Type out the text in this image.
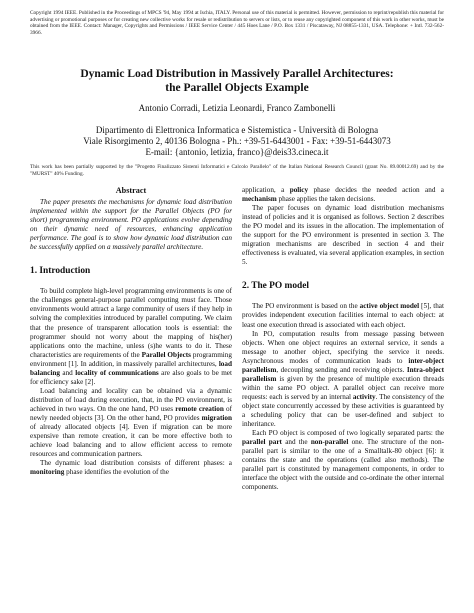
Copyright 1994 IEEE. Published in the Proceedings of MPCS '94, May 1994 at Ischia, ITALY. Personal use of this material is permitted. However, permission to reprint/republish this material for advertising or promotional purposes or for creating new collective works for resale or redistribution to servers or lists, or to reuse any copyrighted component of this work in other works, must be obtained from the IEEE. Contact: Manager, Copyrights and Permissions / IEEE Service Center / 445 Hoes Lane / P.O. Box 1331 / Piscataway, NJ 08855-1331, USA. Telephone: + Intl. 732-562-3966.
Dynamic Load Distribution in Massively Parallel Architectures:
the Parallel Objects Example
Antonio Corradi, Letizia Leonardi, Franco Zambonelli
Dipartimento di Elettronica Informatica e Sistemistica - Università di Bologna
Viale Risorgimento 2, 40136 Bologna - Ph.: +39-51-6443001 - Fax: +39-51-6443073
E-mail: {antonio, letizia, franco}@deis33.cineca.it
This work has been partially supported by the "Progetto Finalizzato Sistemi Informatici e Calcolo Parallelo" of the Italian National Research Council (grant No. 89.00012.69) and by the "MURST" 40% Funding.
Abstract

The paper presents the mechanisms for dynamic load distribution implemented within the support for the Parallel Objects (PO for short) programming environment. PO applications evolve depending on their dynamic need of resources, enhancing application performance. The goal is to show how dynamic load distribution can be successfully applied on a massively parallel architecture.

1. Introduction

To build complete high-level programming environments is one of the challenges general-purpose parallel computing must face. Those environments would attract a large community of users if they help in solving the complexities introduced by parallel computing. We claim that the presence of transparent allocation tools is essential: the programmer should not worry about the mapping of his(her) applications onto the machine, unless (s)he wants to do it. These characteristics are requirements of the Parallel Objects programming environment [1]. In addition, in massively parallel architectures, load balancing and locality of communications are also goals to be met for efficiency sake [2].

Load balancing and locality can be obtained via a dynamic distribution of load during execution, that, in the PO environment, is achieved in two ways. On the one hand, PO uses remote creation of newly needed objects [3]. On the other hand, PO provides migration of already allocated objects [4]. Even if migration can be more expensive than remote creation, it can be more effective both to achieve load balancing and to allow efficient access to remote resources and communication partners.

The dynamic load distribution consists of different phases: a monitoring phase identifies the evolution of the

application, a policy phase decides the needed action and a mechanism phase applies the taken decisions.

The paper focuses on dynamic load distribution mechanisms instead of policies and it is organised as follows. Section 2 describes the PO model and its issues in the allocation. The implementation of the support for the PO environment is presented in section 3. The migration mechanisms are described in section 4 and their effectiveness is evaluated, via several application examples, in section 5.

2. The PO model

The PO environment is based on the active object model [5], that provides independent execution facilities internal to each object: at least one execution thread is associated with each object.

In PO, computation results from message passing between objects. When one object requires an external service, it sends a message to another object, specifying the service it needs. Asynchronous modes of communication leads to inter-object parallelism, decoupling sending and receiving objects. Intra-object parallelism is given by the presence of multiple execution threads within the same PO object. A parallel object can receive more requests: each is served by an internal activity. The consistency of the object state concurrently accessed by these activities is guaranteed by a scheduling policy that can be user-defined and subject to inheritance.

Each PO object is composed of two logically separated parts: the parallel part and the non-parallel one. The structure of the non-parallel part is similar to the one of a Smalltalk-80 object [6]: it contains the state and the operations (called also methods). The parallel part is constituted by management components, in order to interface the object with the outside and co-ordinate the other internal components.
